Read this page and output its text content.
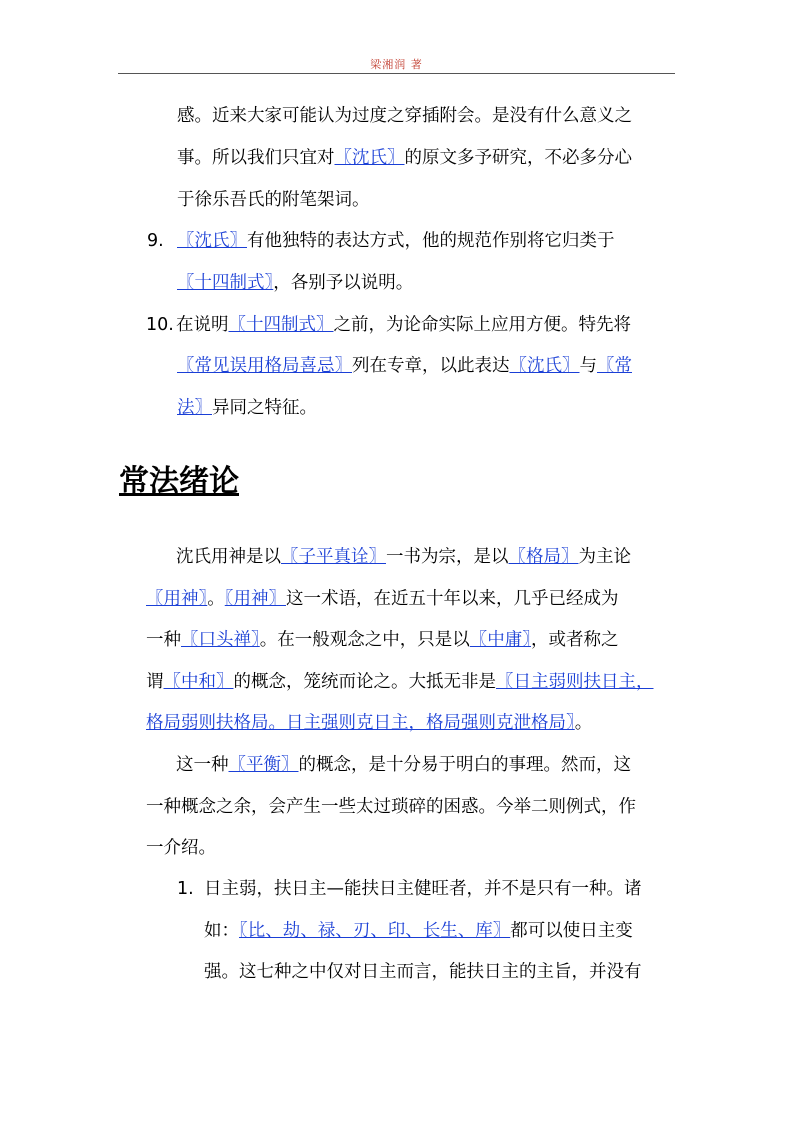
梁湘润 著
感。近来大家可能认为过度之穿插附会。是没有什么意义之
事。所以我们只宜对〖沈氏〗的原文多予研究，不必多分心
于徐乐吾氏的附笔架词。
9. 〖沈氏〗有他独特的表达方式，他的规范作别将它归类于
〖十四制式〗，各别予以说明。
10. 在说明〖十四制式〗之前，为论命实际上应用方便。特先将
〖常见误用格局喜忌〗列在专章，以此表达〖沈氏〗与〖常
法〗异同之特征。
常法绪论
沈氏用神是以〖子平真诠〗一书为宗，是以〖格局〗为主论
〖用神〗。〖用神〗这一术语，在近五十年以来，几乎已经成为
一种〖口头禅〗。在一般观念之中，只是以〖中庸〗，或者称之
谓〖中和〗的概念，笼统而论之。大抵无非是〖日主弱则扶日主，
格局弱则扶格局。日主强则克日主，格局强则克泄格局〗。
这一种〖平衡〗的概念，是十分易于明白的事理。然而，这
一种概念之余，会产生一些太过琐碎的困惑。今举二则例式，作
一介绍。
1. 日主弱，扶日主—能扶日主健旺者，并不是只有一种。诸
如：〖比、劫、禄、刃、印、长生、库〗都可以使日主变
强。这七种之中仅对日主而言，能扶日主的主旨，并没有
